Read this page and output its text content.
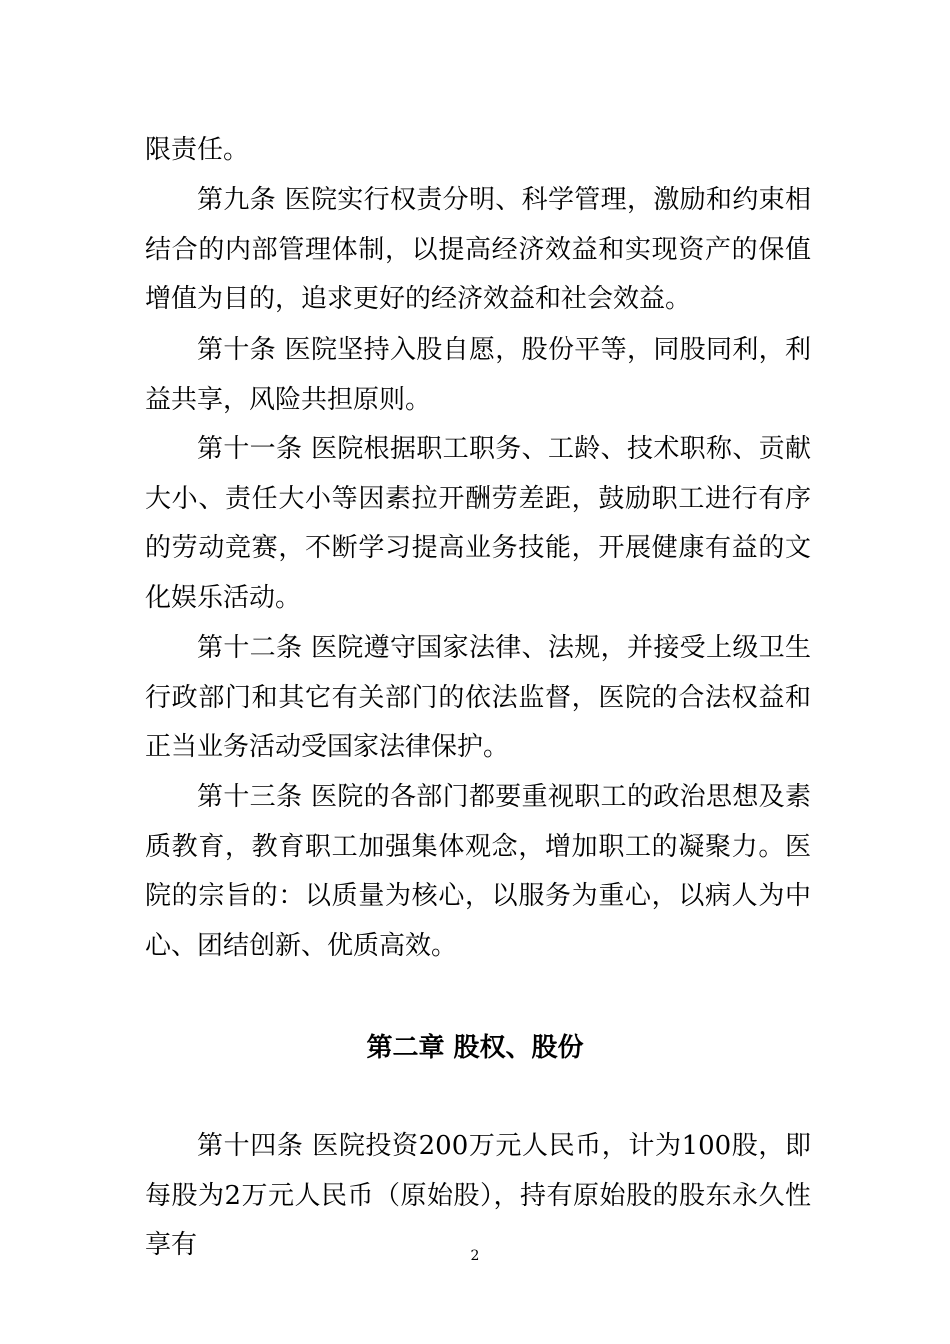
限责任。

第九条 医院实行权责分明、科学管理，激励和约束相结合的内部管理体制，以提高经济效益和实现资产的保值增值为目的，追求更好的经济效益和社会效益。

第十条 医院坚持入股自愿，股份平等，同股同利，利益共享，风险共担原则。

第十一条 医院根据职工职务、工龄、技术职称、贡献大小、责任大小等因素拉开酬劳差距，鼓励职工进行有序的劳动竞赛，不断学习提高业务技能，开展健康有益的文化娱乐活动。

第十二条 医院遵守国家法律、法规，并接受上级卫生行政部门和其它有关部门的依法监督，医院的合法权益和正当业务活动受国家法律保护。

第十三条 医院的各部门都要重视职工的政治思想及素质教育，教育职工加强集体观念，增加职工的凝聚力。医院的宗旨的：以质量为核心，以服务为重心，以病人为中心、团结创新、优质高效。

第二章 股权、股份

第十四条 医院投资200万元人民币，计为100股，即每股为2万元人民币（原始股），持有原始股的股东永久性享有	2
